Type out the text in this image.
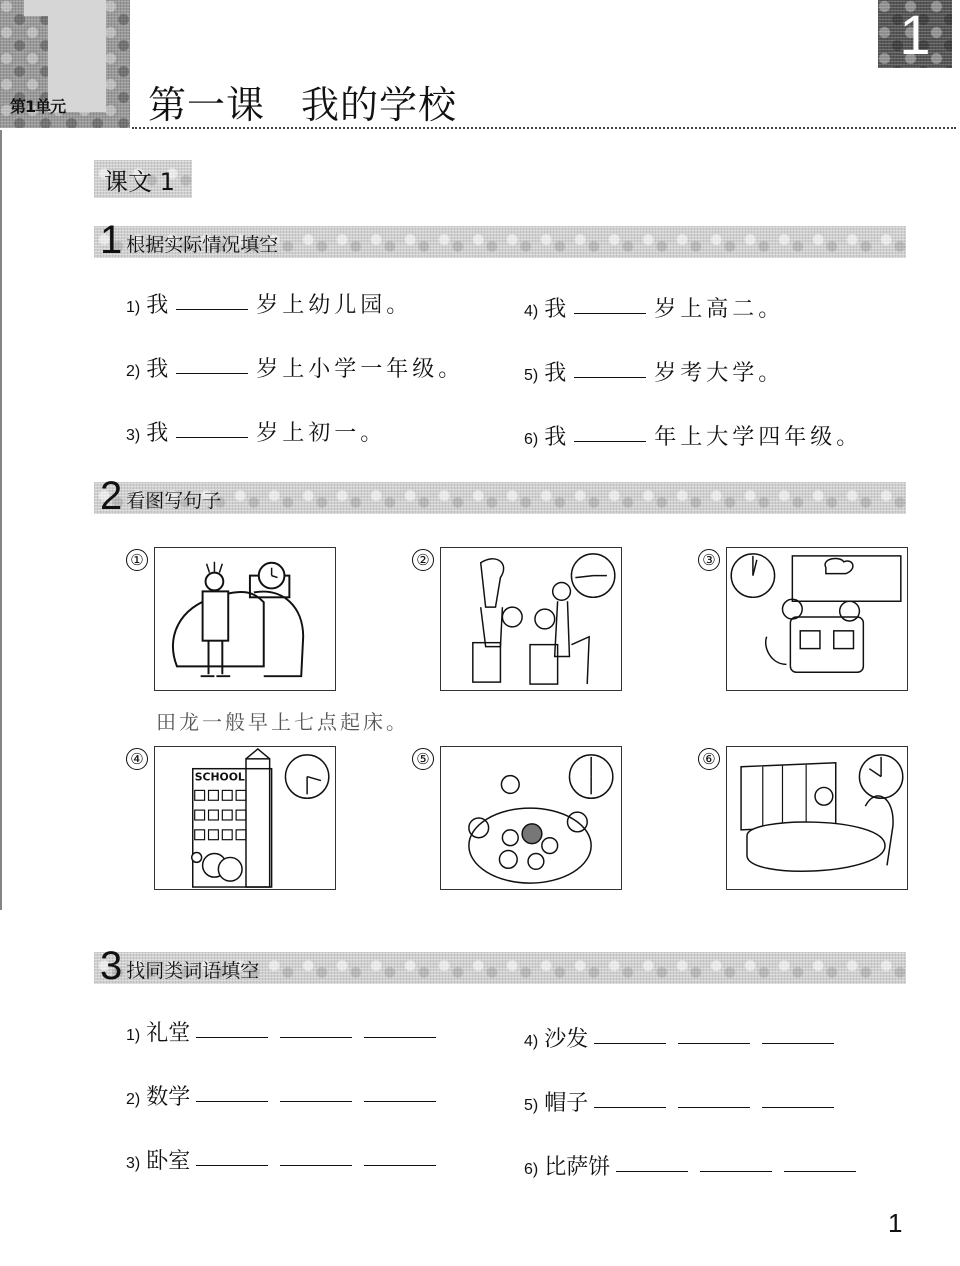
第1单元 第一课 我的学校
1
课文 1
1 根据实际情况填空
1) 我	岁上幼儿园。
2) 我	岁上小学一年级。
3) 我	岁上初一。
4) 我	岁上高二。
5) 我	岁考大学。
6) 我	年上大学四年级。
2 看图写句子
①	②	③
田龙一般早上七点起床。
④
SCHOOL
⑤	⑥
3 找同类词语填空
1) 礼堂
2) 数学
3) 卧室
4) 沙发
5) 帽子
6) 比萨饼
1
